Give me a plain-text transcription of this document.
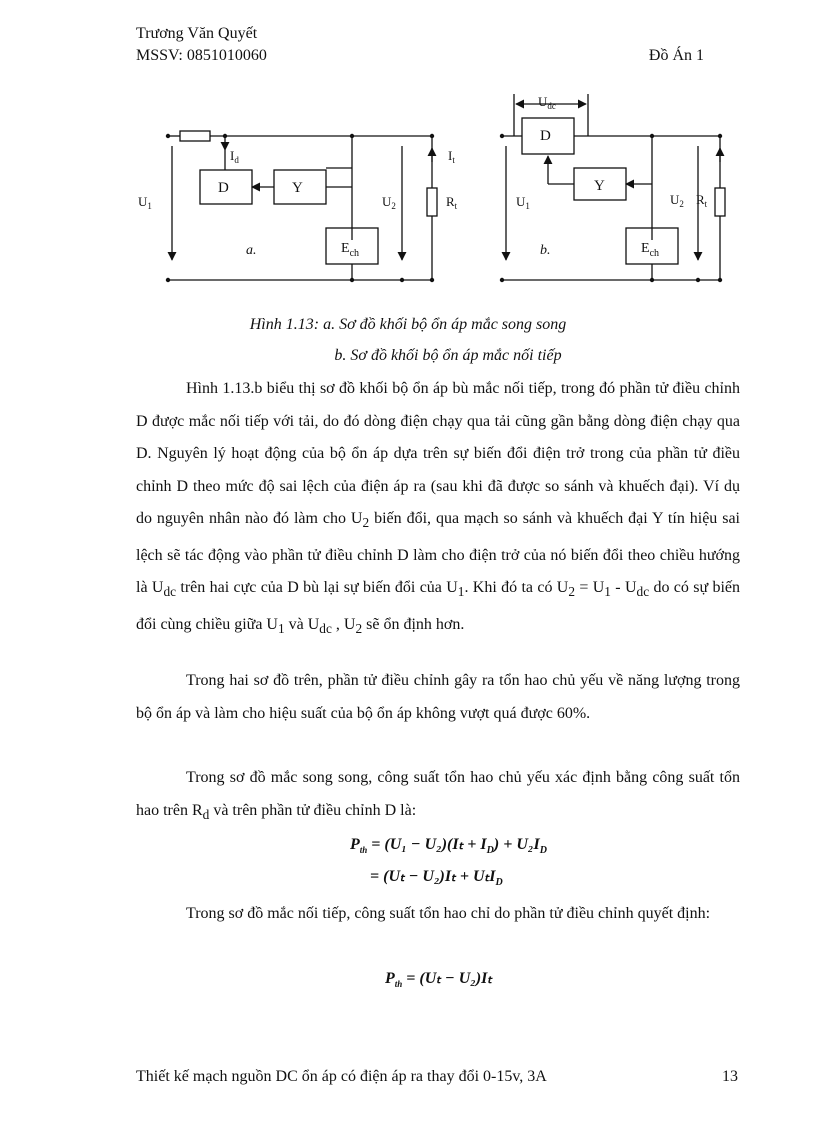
Trương Văn Quyết
MSSV: 0851010060	Đồ Án 1
D	Y
$E_{ch}$
$I_d$	$I_t$
$U_1$	$U_2$	$R_t$
a.
D
Y
$E_{ch}$
$U_{dc}$
$U_1$	$U_2$ $R_t$
b.
Hình 1.13: a. Sơ đồ khối bộ ổn áp mắc song song
b. Sơ đồ khối bộ ổn áp mắc nối tiếp
Hình 1.13.b biểu thị sơ đồ khối bộ ổn áp bù mắc nối tiếp, trong đó phần tử điều chỉnh D được mắc nối tiếp với tải, do đó dòng điện chạy qua tải cũng gần bằng dòng điện chạy qua D. Nguyên lý hoạt động của bộ ổn áp dựa trên sự biến đổi điện trở trong của phần tử điều chỉnh D theo mức độ sai lệch của điện áp ra (sau khi đã được so sánh và khuếch đại). Ví dụ do nguyên nhân nào đó làm cho $U_2$ biến đổi, qua mạch so sánh và khuếch đại Y tín hiệu sai lệch sẽ tác động vào phần tử điều chỉnh D làm cho điện trở của nó biến đổi theo chiều hướng là $U_{dc}$ trên hai cực của D bù lại sự biến đổi của $U_1$. Khi đó ta có $U_2 = U_1 - U_{dc}$ do có sự biến đổi cùng chiều giữa $U_1$ và $U_{dc}$ , $U_2$ sẽ ổn định hơn.
Trong hai sơ đồ trên, phần tử điều chỉnh gây ra tổn hao chủ yếu về năng lượng trong bộ ổn áp và làm cho hiệu suất của bộ ổn áp không vượt quá được 60%.
Trong sơ đồ mắc song song, công suất tổn hao chủ yếu xác định bằng công suất tổn hao trên $R_d$ và trên phần tử điều chỉnh D là:
$P_{th} = (U_1 - U_2)(I_t + I_D) + U_2I_D$
= (Uₜ − U₂)Iₜ + UₜI$_D$
Trong sơ đồ mắc nối tiếp, công suất tổn hao chỉ do phần tử điều chỉnh quyết định:
$P_{th} = (U_t - U_2)I_t$
Thiết kế mạch nguồn DC ổn áp có điện áp ra thay đổi 0-15v, 3A	13
